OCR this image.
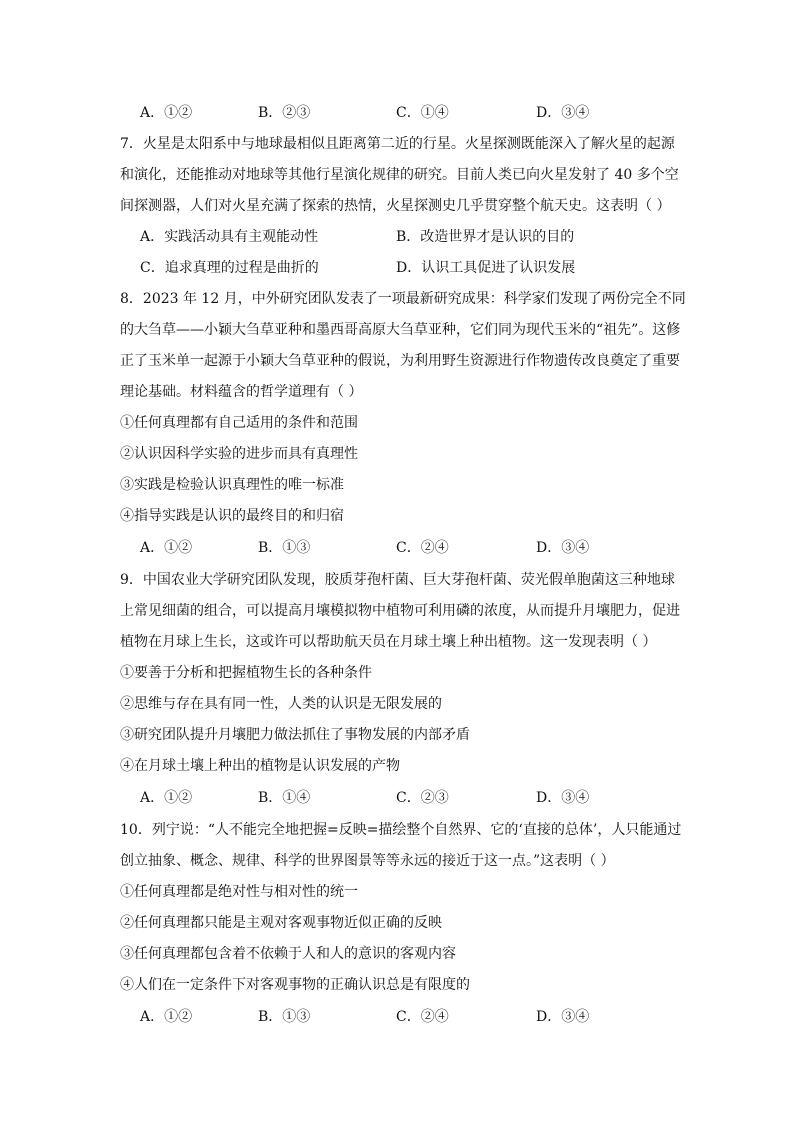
A．①②	B．②③	C．①④	D．③④
7．火星是太阳系中与地球最相似且距离第二近的行星。火星探测既能深入了解火星的起源
和演化，还能推动对地球等其他行星演化规律的研究。目前人类已向火星发射了 40 多个空
间探测器，人们对火星充满了探索的热情，火星探测史几乎贯穿整个航天史。这表明（ ）
A．实践活动具有主观能动性	B．改造世界才是认识的目的
C．追求真理的过程是曲折的	D．认识工具促进了认识发展
8．2023 年 12 月，中外研究团队发表了一项最新研究成果：科学家们发现了两份完全不同
的大刍草——小颖大刍草亚种和墨西哥高原大刍草亚种，它们同为现代玉米的“祖先”。这修
正了玉米单一起源于小颖大刍草亚种的假说，为利用野生资源进行作物遗传改良奠定了重要
理论基础。材料蕴含的哲学道理有（ ）
①任何真理都有自己适用的条件和范围
②认识因科学实验的进步而具有真理性
③实践是检验认识真理性的唯一标准
④指导实践是认识的最终目的和归宿
A．①②	B．①③	C．②④	D．③④
9．中国农业大学研究团队发现，胶质芽孢杆菌、巨大芽孢杆菌、荧光假单胞菌这三种地球
上常见细菌的组合，可以提高月壤模拟物中植物可利用磷的浓度，从而提升月壤肥力，促进
植物在月球上生长，这或许可以帮助航天员在月球土壤上种出植物。这一发现表明（ ）
①要善于分析和把握植物生长的各种条件
②思维与存在具有同一性，人类的认识是无限发展的
③研究团队提升月壤肥力做法抓住了事物发展的内部矛盾
④在月球土壤上种出的植物是认识发展的产物
A．①②	B．①④	C．②③	D．③④
10．列宁说：“人不能完全地把握=反映=描绘整个自然界、它的‘直接的总体’，人只能通过
创立抽象、概念、规律、科学的世界图景等等永远的接近于这一点。”这表明（ ）
①任何真理都是绝对性与相对性的统一
②任何真理都只能是主观对客观事物近似正确的反映
③任何真理都包含着不依赖于人和人的意识的客观内容
④人们在一定条件下对客观事物的正确认识总是有限度的
A．①②	B．①③	C．②④	D．③④
